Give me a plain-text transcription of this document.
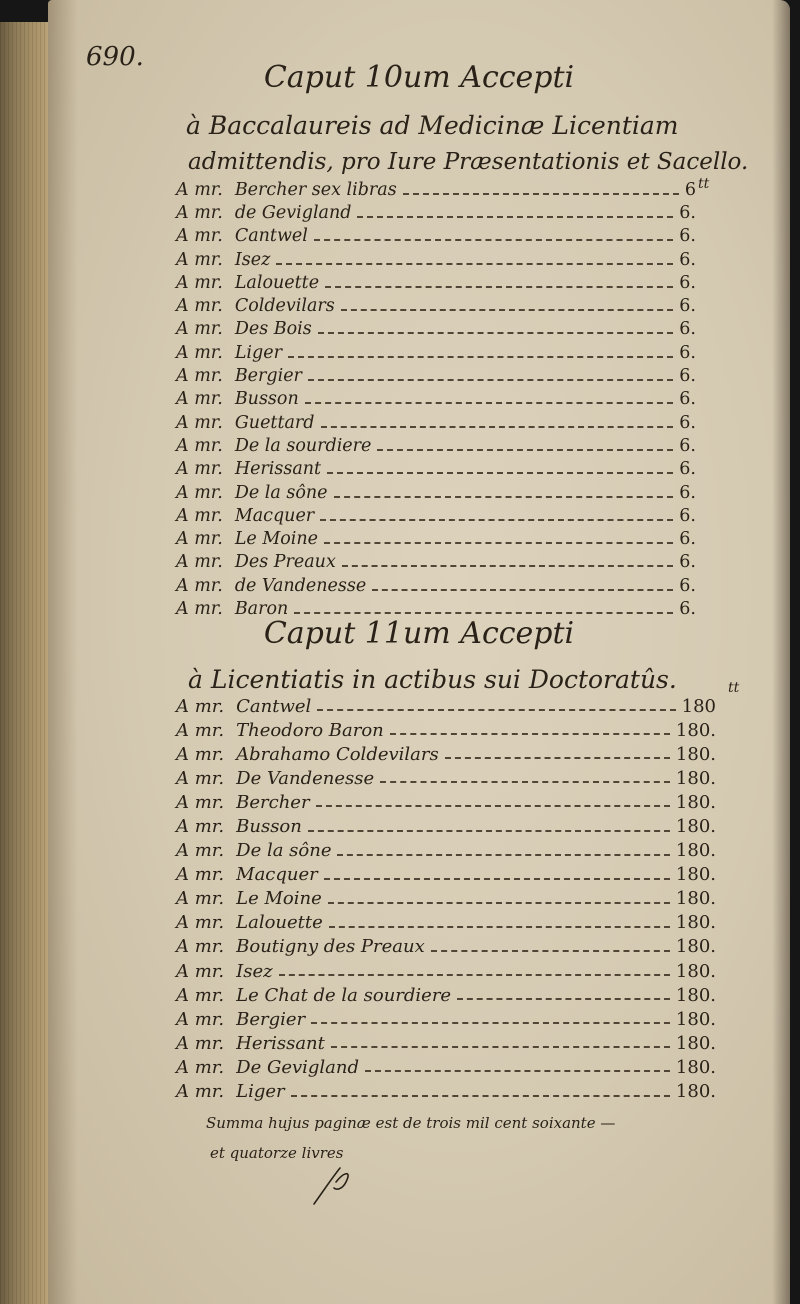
690.
Caput 10um Accepti
à Baccalaureis ad Medicinæ Licentiam
admittendis, pro Iure Præsentationis et Sacello.
tt
A mr. Bercher sex libras	6
A mr. de Gevigland	6.
A mr. Cantwel	6.
A mr. Isez	6.
A mr. Lalouette	6.
A mr. Coldevilars	6.
A mr. Des Bois	6.
A mr. Liger	6.
A mr. Bergier	6.
A mr. Busson	6.
A mr. Guettard	6.
A mr. De la sourdiere	6.
A mr. Herissant	6.
A mr. De la sône	6.
A mr. Macquer	6.
A mr. Le Moine	6.
A mr. Des Preaux	6.
A mr. de Vandenesse	6.
A mr. Baron	6.
Caput 11um Accepti
à Licentiatis in actibus sui Doctoratûs.	tt
A mr. Cantwel	180
A mr. Theodoro Baron	180.
A mr. Abrahamo Coldevilars	180.
A mr. De Vandenesse	180.
A mr. Bercher	180.
A mr. Busson	180.
A mr. De la sône	180.
A mr. Macquer	180.
A mr. Le Moine	180.
A mr. Lalouette	180.
A mr. Boutigny des Preaux	180.
A mr. Isez	180.
A mr. Le Chat de la sourdiere	180.
A mr. Bergier	180.
A mr. Herissant	180.
A mr. De Gevigland	180.
A mr. Liger	180.
Summa hujus paginæ est de trois mil cent soixante —
et quatorze livres
